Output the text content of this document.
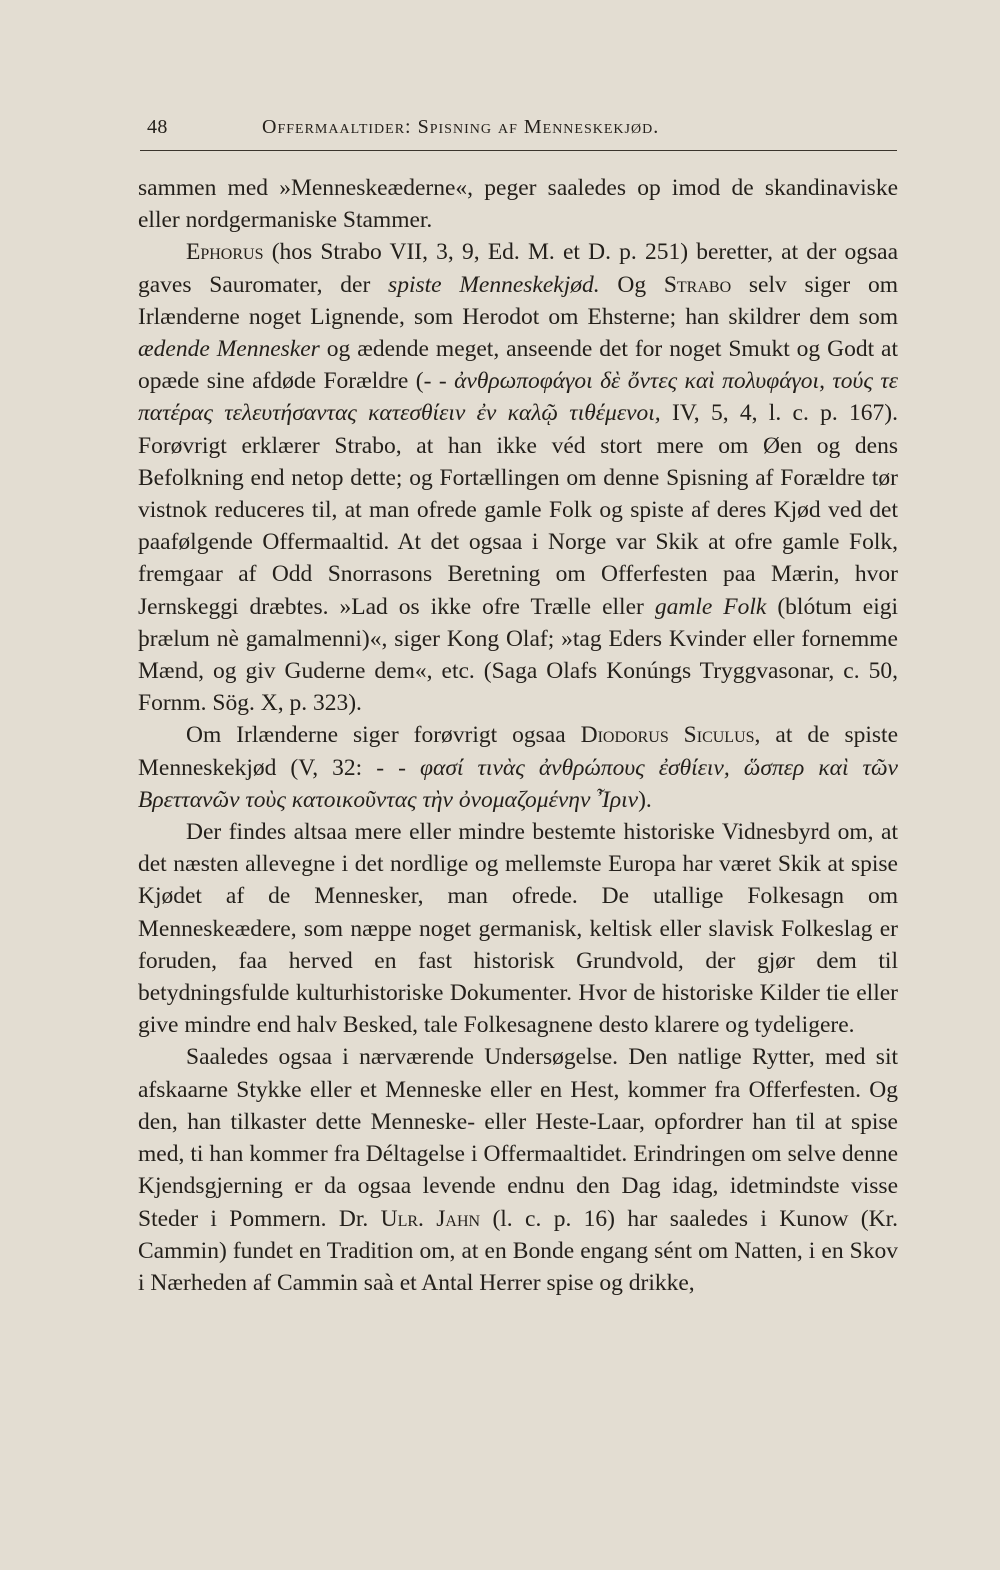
48	Offermaaltider: Spisning af Menneskekjød.

sammen med »Menneskeæderne«, peger saaledes op imod de skandinaviske eller nordgermaniske Stammer.

Ephorus (hos Strabo VII, 3, 9, Ed. M. et D. p. 251) beretter, at der ogsaa gaves Sauromater, der spiste Menneskekjød. Og Strabo selv siger om Irlænderne noget Lignende, som Herodot om Ehsterne; han skildrer dem som ædende Mennesker og ædende meget, anseende det for noget Smukt og Godt at opæde sine afdøde Forældre (- - ἀνθρωποφάγοι δὲ ὄντες καὶ πολυφάγοι, τούς τε πατέρας τελευτήσαντας κατεσθίειν ἐν καλῷ τιθέμενοι, IV, 5, 4, l. c. p. 167). Forøvrigt erklærer Strabo, at han ikke véd stort mere om Øen og dens Befolkning end netop dette; og Fortællingen om denne Spisning af Forældre tør vistnok reduceres til, at man ofrede gamle Folk og spiste af deres Kjød ved det paafølgende Offermaaltid. At det ogsaa i Norge var Skik at ofre gamle Folk, fremgaar af Odd Snorrasons Beretning om Offerfesten paa Mærin, hvor Jernskeggi dræbtes. »Lad os ikke ofre Trælle eller gamle Folk (blótum eigi þrælum nè gamalmenni)«, siger Kong Olaf; »tag Eders Kvinder eller fornemme Mænd, og giv Guderne dem«, etc. (Saga Olafs Konúngs Tryggvasonar, c. 50, Fornm. Sög. X, p. 323).

Om Irlænderne siger forøvrigt ogsaa Diodorus Siculus, at de spiste Menneskekjød (V, 32: - - φασί τινὰς ἀνθρώπους ἐσθίειν, ὥσπερ καὶ τῶν Βρεττανῶν τοὺς κατοικοῦντας τὴν ὀνομαζομένην Ἶριν).

Der findes altsaa mere eller mindre bestemte historiske Vidnesbyrd om, at det næsten allevegne i det nordlige og mellemste Europa har været Skik at spise Kjødet af de Mennesker, man ofrede. De utallige Folkesagn om Menneskeædere, som næppe noget germanisk, keltisk eller slavisk Folkeslag er foruden, faa herved en fast historisk Grundvold, der gjør dem til betydningsfulde kulturhistoriske Dokumenter. Hvor de historiske Kilder tie eller give mindre end halv Besked, tale Folkesagnene desto klarere og tydeligere.

Saaledes ogsaa i nærværende Undersøgelse. Den natlige Rytter, med sit afskaarne Stykke eller et Menneske eller en Hest, kommer fra Offerfesten. Og den, han tilkaster dette Menneske- eller Heste-Laar, opfordrer han til at spise med, ti han kommer fra Déltagelse i Offermaaltidet. Erindringen om selve denne Kjendsgjerning er da ogsaa levende endnu den Dag idag, idetmindste visse Steder i Pommern. Dr. Ulr. Jahn (l. c. p. 16) har saaledes i Kunow (Kr. Cammin) fundet en Tradition om, at en Bonde engang sént om Natten, i en Skov i Nærheden af Cammin saà et Antal Herrer spise og drikke,
